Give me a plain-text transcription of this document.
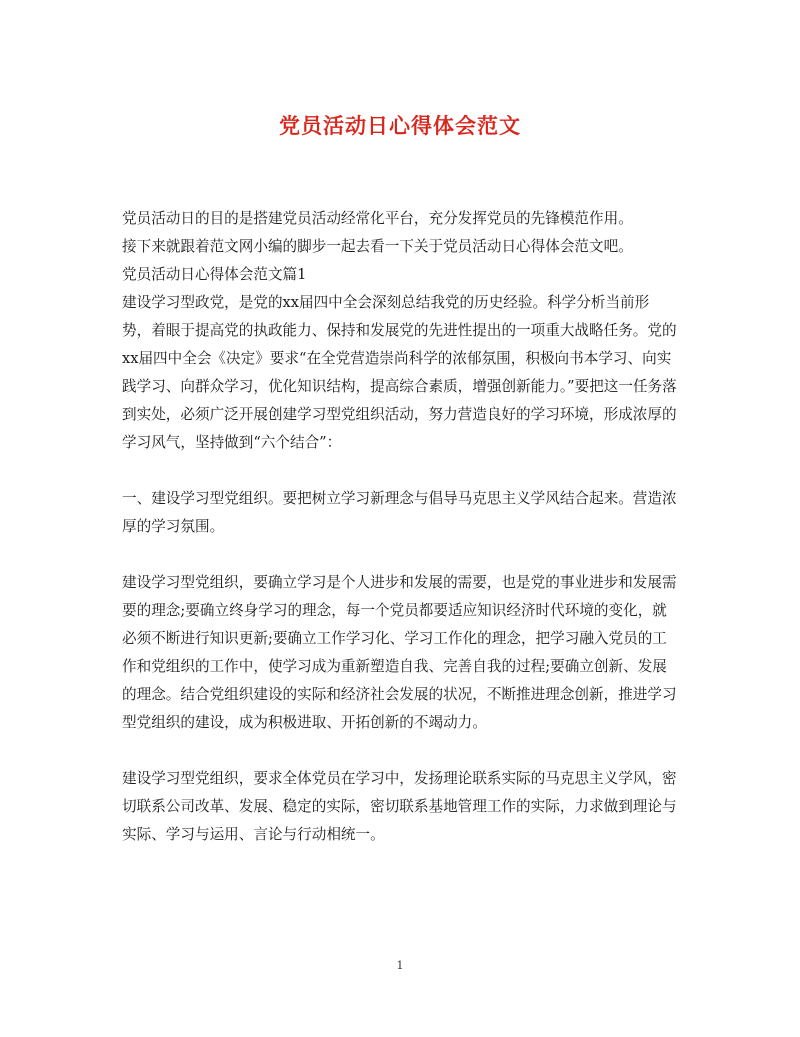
党员活动日心得体会范文

党员活动日的目的是搭建党员活动经常化平台，充分发挥党员的先锋模范作用。

接下来就跟着范文网小编的脚步一起去看一下关于党员活动日心得体会范文吧。

党员活动日心得体会范文篇1

建设学习型政党，是党的xx届四中全会深刻总结我党的历史经验。科学分析当前形势，着眼于提高党的执政能力、保持和发展党的先进性提出的一项重大战略任务。党的xx届四中全会《决定》要求“在全党营造崇尚科学的浓郁氛围，积极向书本学习、向实践学习、向群众学习，优化知识结构，提高综合素质，增强创新能力。”要把这一任务落到实处，必须广泛开展创建学习型党组织活动，努力营造良好的学习环境，形成浓厚的学习风气，坚持做到“六个结合”：

一、建设学习型党组织。要把树立学习新理念与倡导马克思主义学风结合起来。营造浓厚的学习氛围。

建设学习型党组织，要确立学习是个人进步和发展的需要，也是党的事业进步和发展需要的理念;要确立终身学习的理念，每一个党员都要适应知识经济时代环境的变化，就必须不断进行知识更新;要确立工作学习化、学习工作化的理念，把学习融入党员的工作和党组织的工作中，使学习成为重新塑造自我、完善自我的过程;要确立创新、发展的理念。结合党组织建设的实际和经济社会发展的状况，不断推进理念创新，推进学习型党组织的建设，成为积极进取、开拓创新的不竭动力。

建设学习型党组织，要求全体党员在学习中，发扬理论联系实际的马克思主义学风，密切联系公司改革、发展、稳定的实际，密切联系基地管理工作的实际，力求做到理论与实际、学习与运用、言论与行动相统一。

1
